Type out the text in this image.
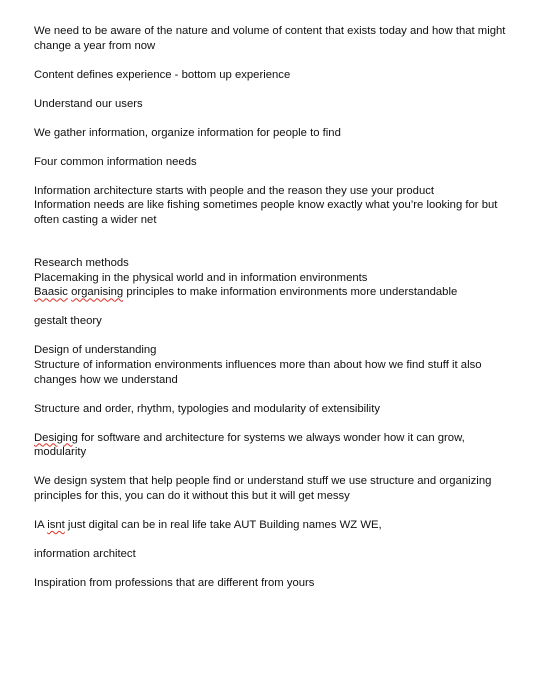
We need to be aware of the nature and volume of content that exists today and how that might
change a year from now
Content defines experience - bottom up experience
Understand our users
We gather information, organize information for people to find
Four common information needs
Information architecture starts with people and the reason they use your product
Information needs are like fishing sometimes people know exactly what you’re looking for but
often casting a wider net
Research methods
Placemaking in the physical world and in information environments
Baasic organising principles to make information environments more understandable
gestalt theory
Design of understanding
Structure of information environments influences more than about how we find stuff it also
changes how we understand
Structure and order, rhythm, typologies and modularity of extensibility
Desiging for software and architecture for systems we always wonder how it can grow,
modularity
We design system that help people find or understand stuff we use structure and organizing
principles for this, you can do it without this but it will get messy
IA isnt just digital can be in real life take AUT Building names WZ WE,
information architect
Inspiration from professions that are different from yours
